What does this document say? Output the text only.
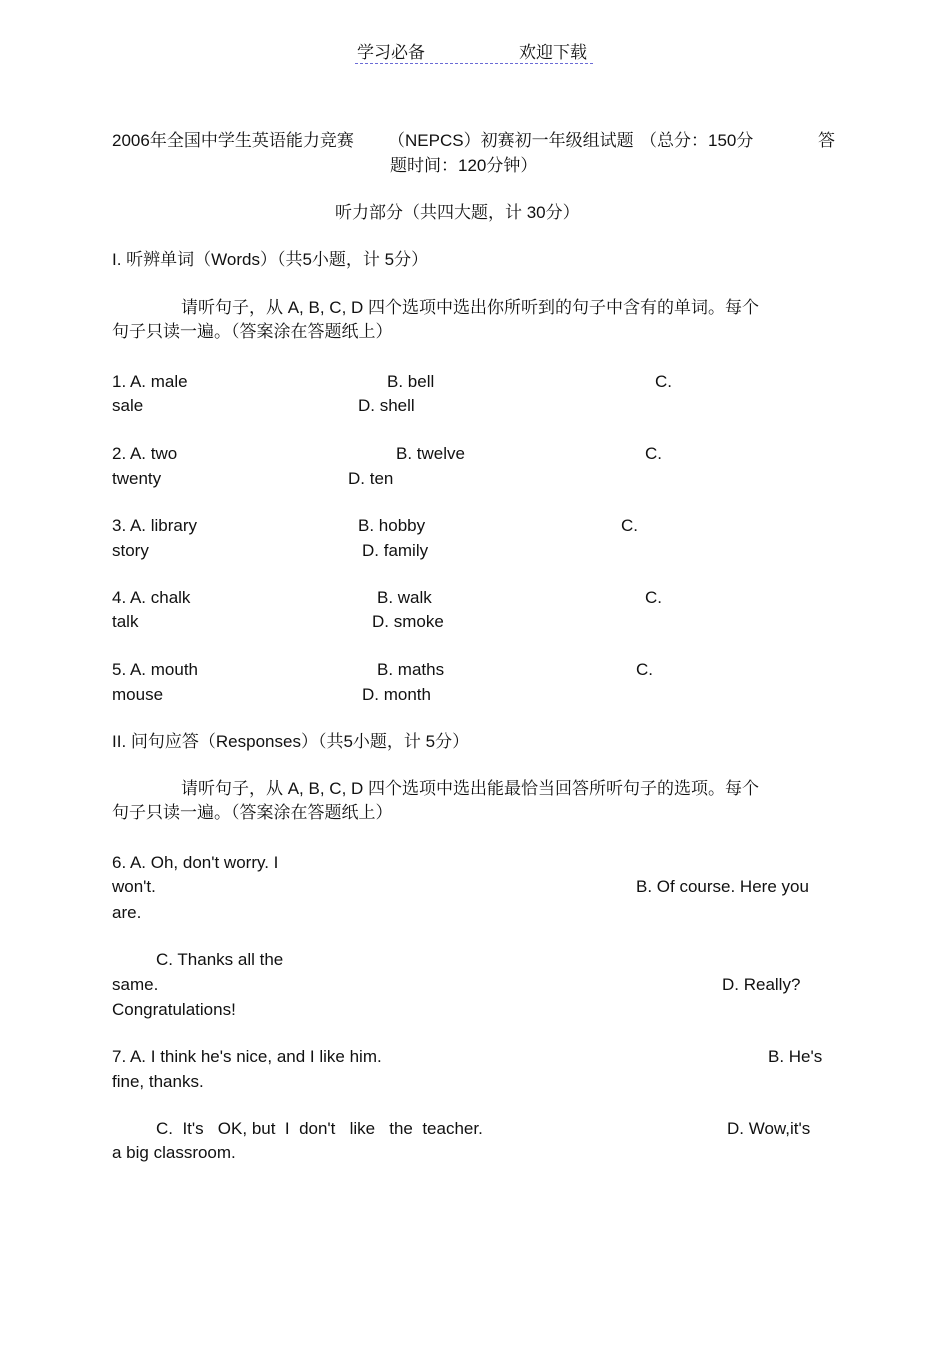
学习必备	欢迎下载
2006年全国中学生英语能力竞赛 （NEPCS）初赛初一年级组试题 （总分：150分	答
题时间：120分钟）
听力部分（共四大题，计 30分）
I. 听辨单词（Words）（共5小题，计 5分）
请听句子，从 A, B, C, D 四个选项中选出你所听到的句子中含有的单词。每个
句子只读一遍。（答案涂在答题纸上）
1. A. male	B. bell	C.
sale	D. shell
2. A. two	B. twelve	C.
twenty	D. ten
3. A. library	B. hobby	C.
story	D. family
4. A. chalk	B. walk	C.
talk	D. smoke
5. A. mouth	B. maths	C.
mouse	D. month
II. 问句应答（Responses）（共5小题，计 5分）
请听句子，从 A, B, C, D 四个选项中选出能最恰当回答所听句子的选项。每个
句子只读一遍。（答案涂在答题纸上）
6. A. Oh, don't worry. I
won't.	B. Of course. Here you
are.
C. Thanks all the
same.	D. Really?
Congratulations!
7. A. I think he's nice, and I like him.	B. He's
fine, thanks.
C.  It's   OK, but  I  don't   like   the  teacher.	D. Wow,it's
a big classroom.
